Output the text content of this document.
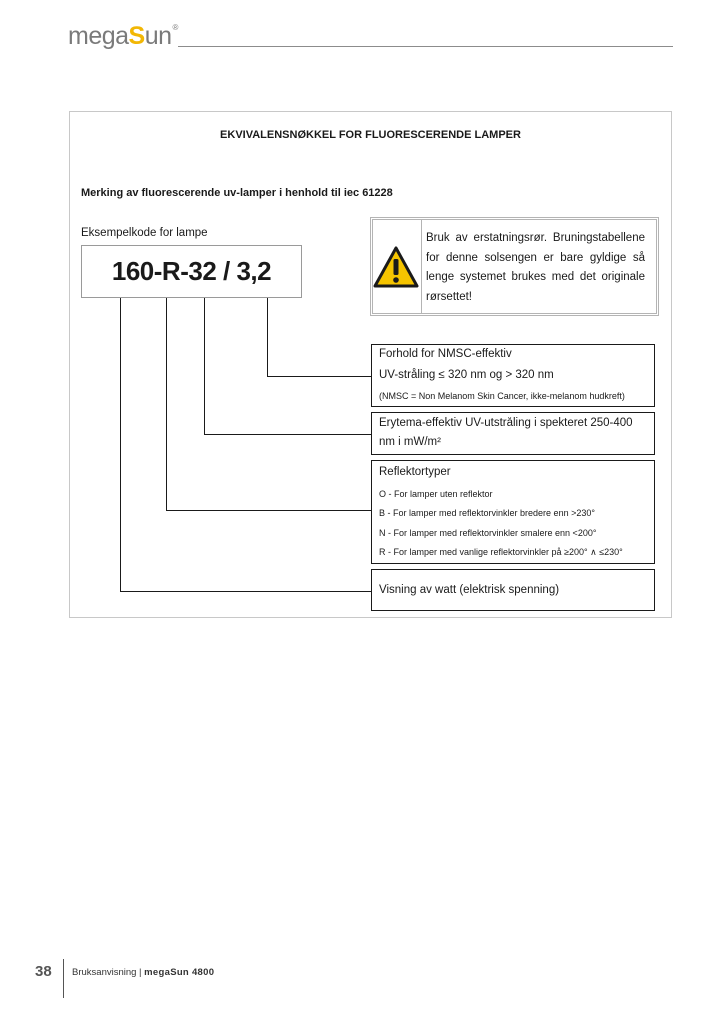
megaSun®
EKVIVALENSNØKKEL FOR FLUORESCERENDE LAMPER
Merking av fluorescerende uv-lamper i henhold til iec 61228
Eksempelkode for lampe
160-R-32 / 3,2
Bruk av erstatningsrør. Bruningstabellene for denne solsengen er bare gyldige så lenge systemet brukes med det originale rørsettet!
Forhold for NMSC-effektiv
UV-stråling ≤ 320 nm og > 320 nm
(NMSC = Non Melanom Skin Cancer, ikke-melanom hudkreft)
Erytema-effektiv UV-utstråling i spekteret 250-400
nm i mW/m²
Reflektortyper
O - For lamper uten reflektor
B - For lamper med reflektorvinkler bredere enn >230°
N - For lamper med reflektorvinkler smalere enn <200°
R - For lamper med vanlige reflektorvinkler på ≥200° ∧ ≤230°
Visning av watt (elektrisk spenning)
38 Bruksanvisning | megaSun 4800
